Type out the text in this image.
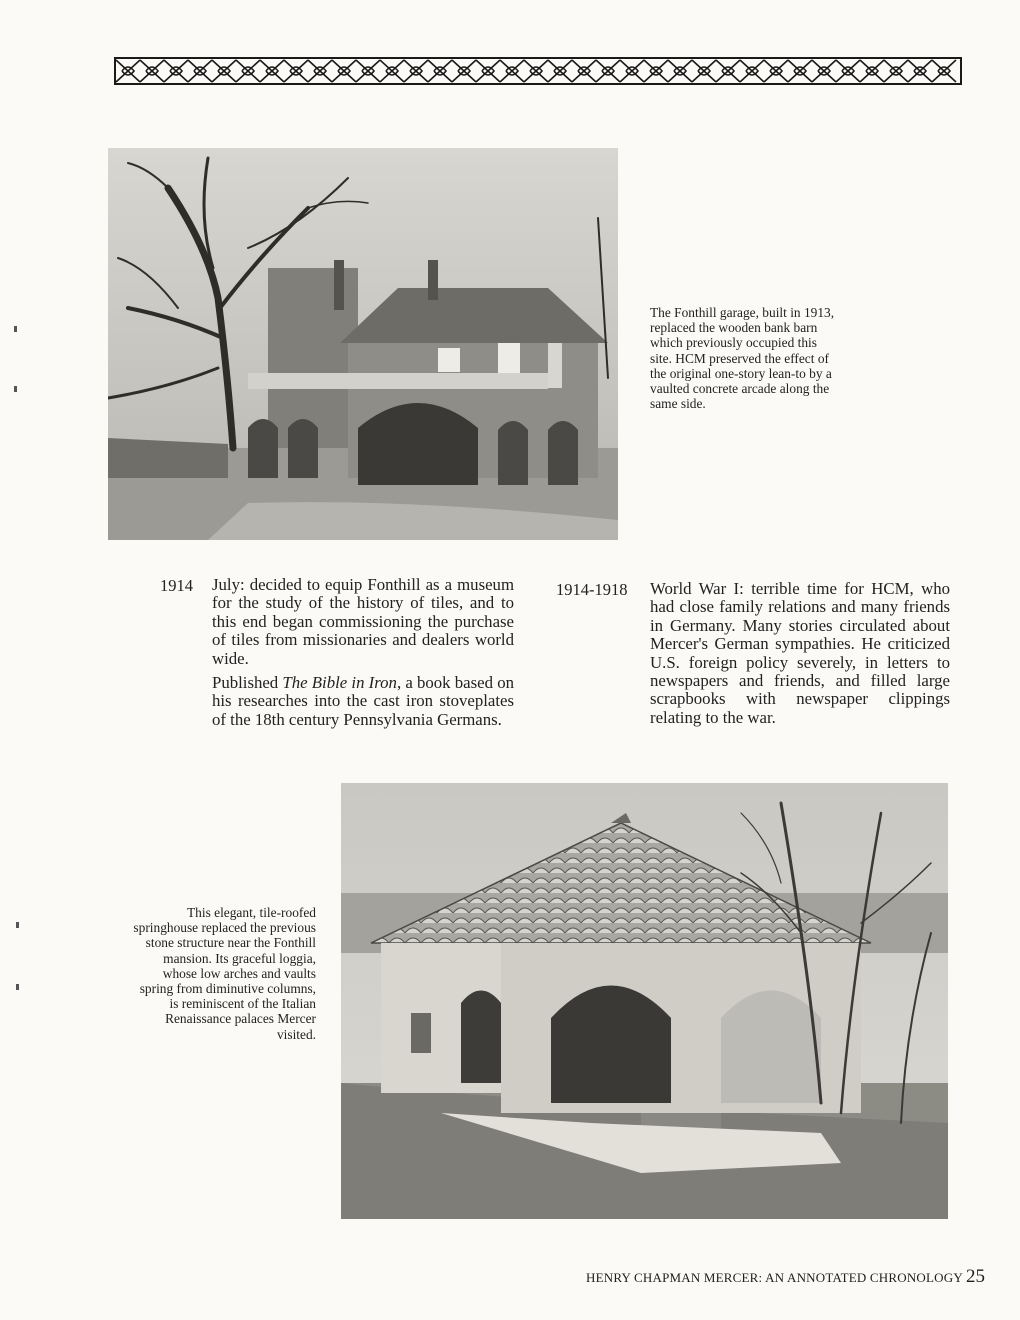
The Fonthill garage, built in 1913, replaced the wooden bank barn which previously occupied this site. HCM preserved the effect of the original one-story lean-to by a vaulted concrete arcade along the same side.
1914 July: decided to equip Fonthill as a museum for the study of the history of tiles, and to this end began commissioning the purchase of tiles from missionaries and dealers world wide.

Published The Bible in Iron, a book based on his researches into the cast iron stoveplates of the 18th century Pennsylvania Germans.

1914-1918 World War I: terrible time for HCM, who had close family relations and many friends in Germany. Many stories circulated about Mercer's German sympathies. He criticized U.S. foreign policy severely, in letters to newspapers and friends, and filled large scrapbooks with newspaper clippings relating to the war.

This elegant, tile-roofed springhouse replaced the previous stone structure near the Fonthill mansion. Its graceful loggia, whose low arches and vaults spring from diminutive columns, is reminiscent of the Italian Renaissance palaces Mercer visited.
HENRY CHAPMAN MERCER: AN ANNOTATED CHRONOLOGY 25
